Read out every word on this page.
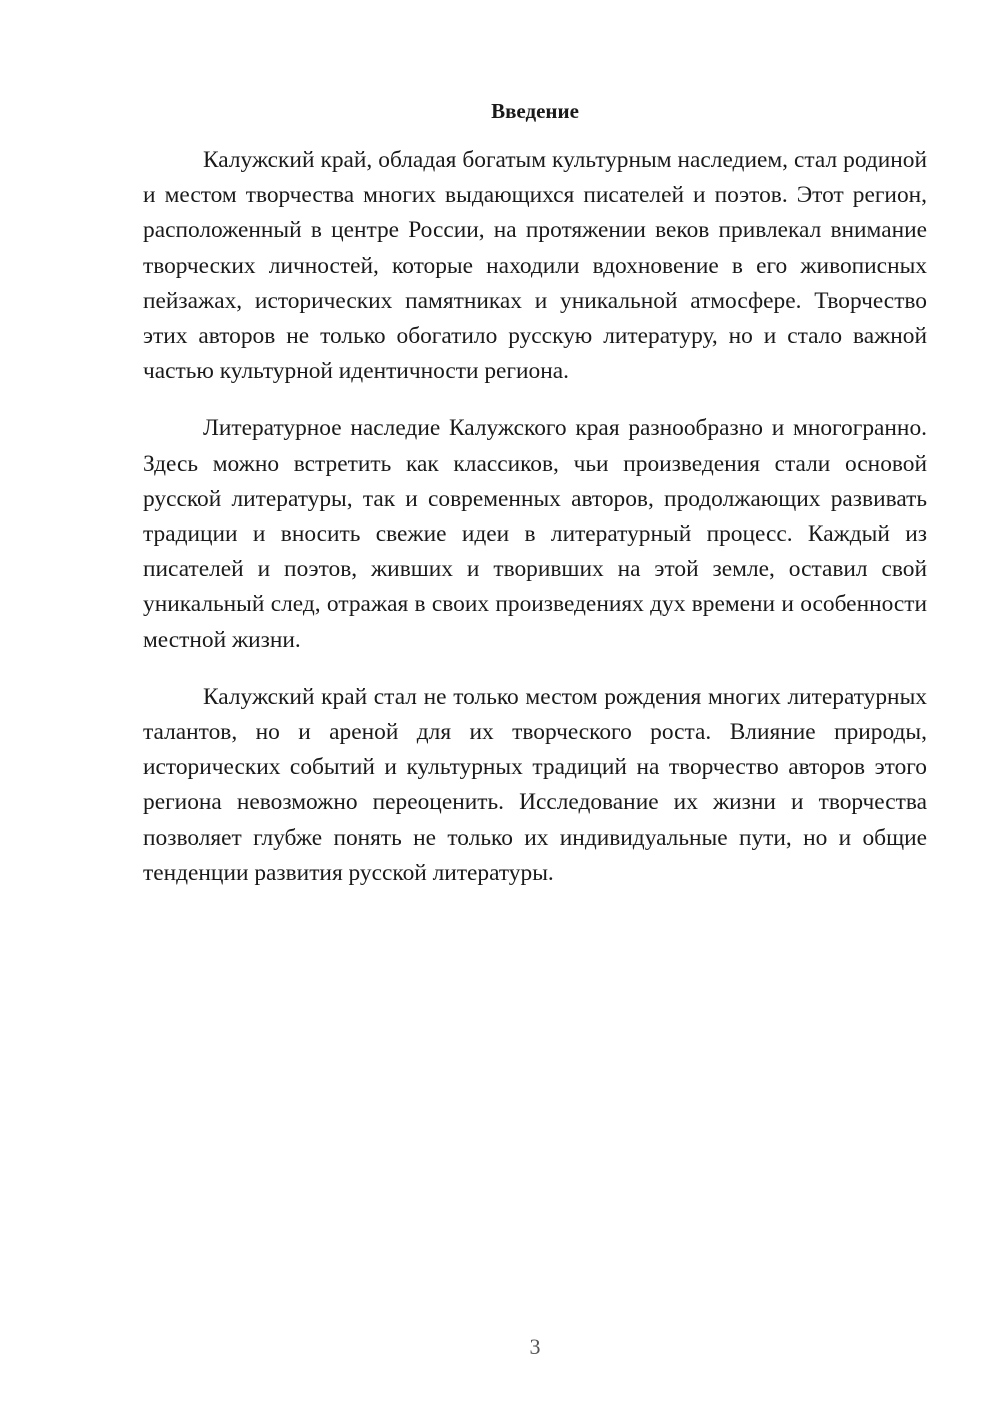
Введение

Калужский край, обладая богатым культурным наследием, стал родиной и местом творчества многих выдающихся писателей и поэтов. Этот регион, расположенный в центре России, на протяжении веков привлекал внимание творческих личностей, которые находили вдохновение в его живописных пейзажах, исторических памятниках и уникальной атмосфере. Творчество этих авторов не только обогатило русскую литературу, но и стало важной частью культурной идентичности региона.

Литературное наследие Калужского края разнообразно и многогранно. Здесь можно встретить как классиков, чьи произведения стали основой русской литературы, так и современных авторов, продолжающих развивать традиции и вносить свежие идеи в литературный процесс. Каждый из писателей и поэтов, живших и творивших на этой земле, оставил свой уникальный след, отражая в своих произведениях дух времени и особенности местной жизни.

Калужский край стал не только местом рождения многих литературных талантов, но и ареной для их творческого роста. Влияние природы, исторических событий и культурных традиций на творчество авторов этого региона невозможно переоценить. Исследование их жизни и творчества позволяет глубже понять не только их индивидуальные пути, но и общие тенденции развития русской литературы.

3
